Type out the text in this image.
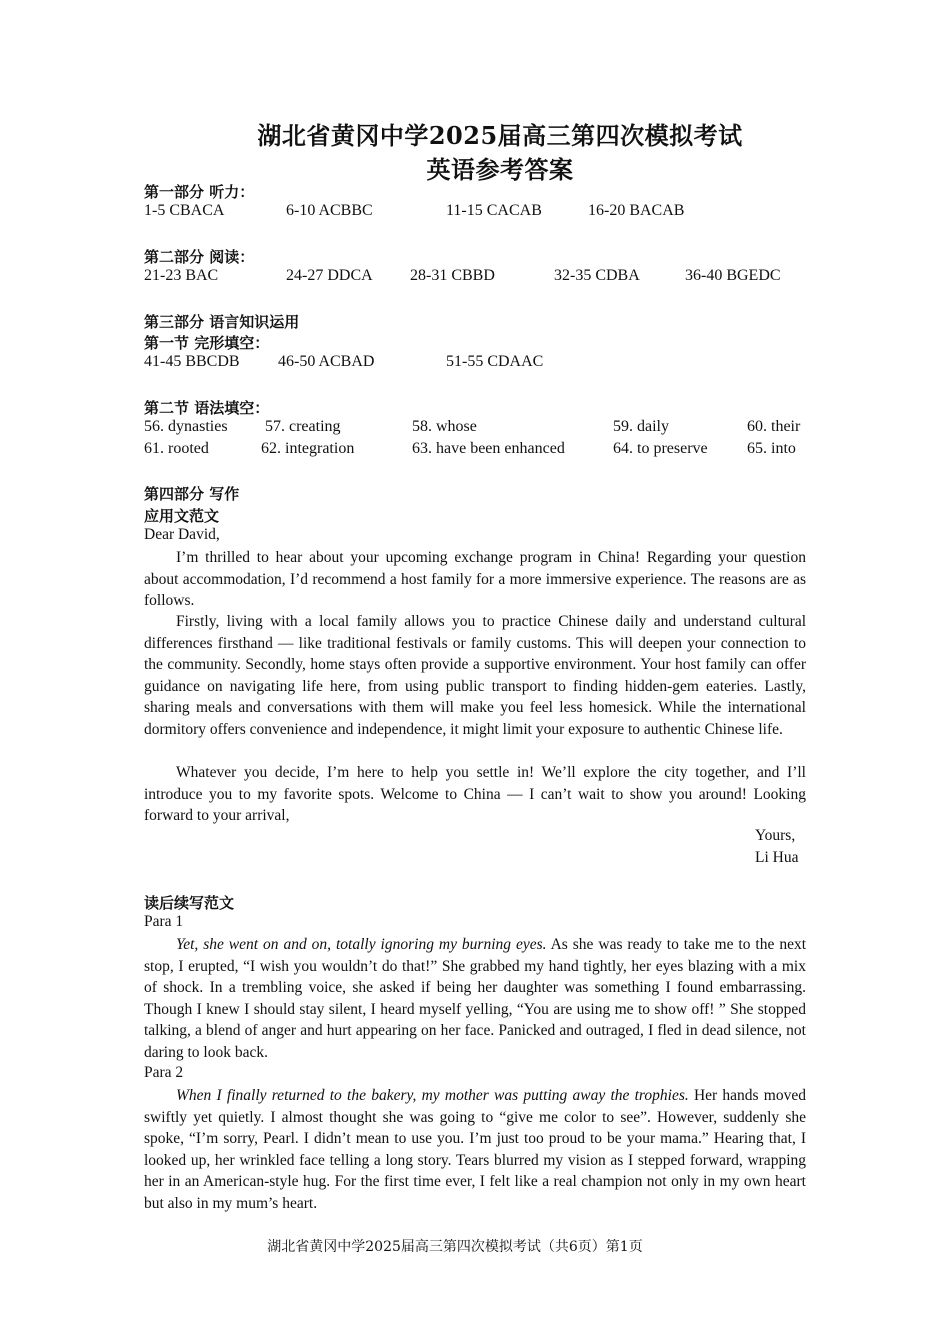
湖北省黄冈中学2025届高三第四次模拟考试
英语参考答案
第一部分 听力：
1-5 CBACA	6-10 ACBBC	11-15 CACAB	16-20 BACAB
第二部分 阅读：
21-23 BAC	24-27 DDCA 28-31 CBBD	32-35 CDBA	36-40 BGEDC
第三部分 语言知识运用
第一节 完形填空：
41-45 BBCDB 46-50 ACBAD	51-55 CDAAC
第二节 语法填空：
56. dynasties 57. creating	58. whose	59. daily	60. their
61. rooted	62. integration	63. have been enhanced	64. to preserve 65. into
第四部分 写作
应用文范文
Dear David,
I’m thrilled to hear about your upcoming exchange program in China! Regarding your question about accommodation, I’d recommend a host family for a more immersive experience. The reasons are as follows.
Firstly, living with a local family allows you to practice Chinese daily and understand cultural differences firsthand — like traditional festivals or family customs. This will deepen your connection to the community. Secondly, home stays often provide a supportive environment. Your host family can offer guidance on navigating life here, from using public transport to finding hidden-gem eateries. Lastly, sharing meals and conversations with them will make you feel less homesick. While the international dormitory offers convenience and independence, it might limit your exposure to authentic Chinese life.
Whatever you decide, I’m here to help you settle in! We’ll explore the city together, and I’ll introduce you to my favorite spots. Welcome to China — I can’t wait to show you around! Looking forward to your arrival,
Yours,
Li Hua
读后续写范文
Para 1
Yet, she went on and on, totally ignoring my burning eyes. As she was ready to take me to the next stop, I erupted, “I wish you wouldn’t do that!” She grabbed my hand tightly, her eyes blazing with a mix of shock. In a trembling voice, she asked if being her daughter was something I found embarrassing. Though I knew I should stay silent, I heard myself yelling, “You are using me to show off! ” She stopped talking, a blend of anger and hurt appearing on her face. Panicked and outraged, I fled in dead silence, not daring to look back.
Para 2
When I finally returned to the bakery, my mother was putting away the trophies. Her hands moved swiftly yet quietly. I almost thought she was going to “give me color to see”. However, suddenly she spoke, “I’m sorry, Pearl. I didn’t mean to use you. I’m just too proud to be your mama.” Hearing that, I looked up, her wrinkled face telling a long story. Tears blurred my vision as I stepped forward, wrapping her in an American-style hug. For the first time ever, I felt like a real champion not only in my own heart but also in my mum’s heart.
湖北省黄冈中学2025届高三第四次模拟考试（共6页）第1页
